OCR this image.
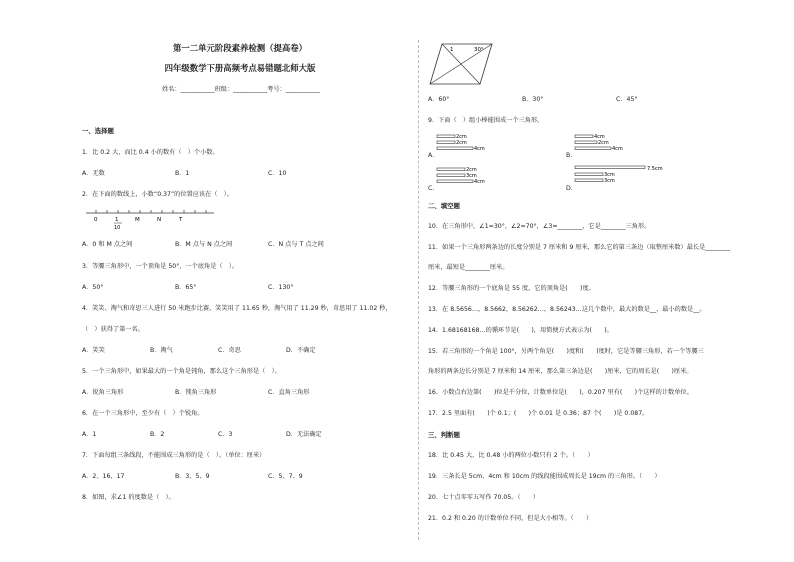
第一二单元阶段素养检测（提高卷）
四年级数学下册高频考点易错题北师大版
姓名：___________班级：___________考号：___________
一、选择题
1．比 0.2 大，而比 0.4 小的数有（　）个小数。
A．无数	B．1	C．10
2．在下面的数线上，小数“0.37”的位置应该在（　）。
0	1
10
M	N	T
A．0 和 M 点之间	B．M 点与 N 点之间	C．N 点与 T 点之间
3．等腰三角形中，一个顶角是 50°，一个底角是（　）。
A．50°	B．65°	C．130°
4．笑笑、淘气和奇思三人进行 50 米跑步比赛，笑笑用了 11.65 秒，淘气用了 11.29 秒，奇思用了 11.02 秒，
（　）获得了第一名。
A．笑笑	B．淘气	C．奇思	D．不确定
5．一个三角形中，如果最大的一个角是钝角，那么这个三角形是（　）。
A．锐角三角形	B．钝角三角形	C．直角三角形
6．在一个三角形中，至少有（　）个锐角。
A．1	B．2	C．3	D．无法确定
7．下面每组三条线段，不能围成三角形的是（　）。（单位：厘米）
A．2、16、17	B．3、5、9	C．5、7、9
8．如图，求∠1 的度数是（　）。
1	30°
A．60°	B．30°	C．45°
9．下面（　）组小棒能围成一个三角形。
A．
2cm
2cm
4cm
B．
4cm
2cm
4cm
C．
2cm
3cm
4cm
D．
7.5cm
3cm
3cm
二、填空题
10．在三角形中，∠1=30°，∠2=70°，∠3=________，它是________三角形。
11．如果一个三角形两条边的长度分别是 7 厘米和 9 厘米，那么它的第三条边（取整厘米数）最长是________
厘米，最短是________厘米。
12．等腰三角形的一个底角是 55 度，它的顶角是(　　)度。
13．在 8.5656…，8.5662，8.56262…，8.56243…这几个数中，最大的数是__，最小的数是__。
14．1.68168168…的循环节是(　　)，用简便方式表示为(　　)。
15．若三角形的一个角是 100°，另两个角是(　　)度和(　　)度时，它是等腰三角形，若一个等腰三
角形的两条边长分别是 7 厘米和 14 厘米，那么第三条边是(　　)厘米，它的周长是(　　)厘米。
16．小数点右边第(　　)位是千分位，计数单位是(　　)，0.207 里有(　　)个这样的计数单位。
17．2.5 里面有(　　)个 0.1；(　　)个 0.01 是 0.36；87 个(　　)是 0.087。
三、判断题
18．比 0.45 大，比 0.48 小的两位小数只有 2 个。（　　）
19．三条长是 5cm、4cm 和 10cm 的线段能围成周长是 19cm 的三角形。（　　）
20．七十点零零五写作 70.05。（　　）
21．0.2 和 0.20 的计数单位不同，但是大小相等。（　　）
